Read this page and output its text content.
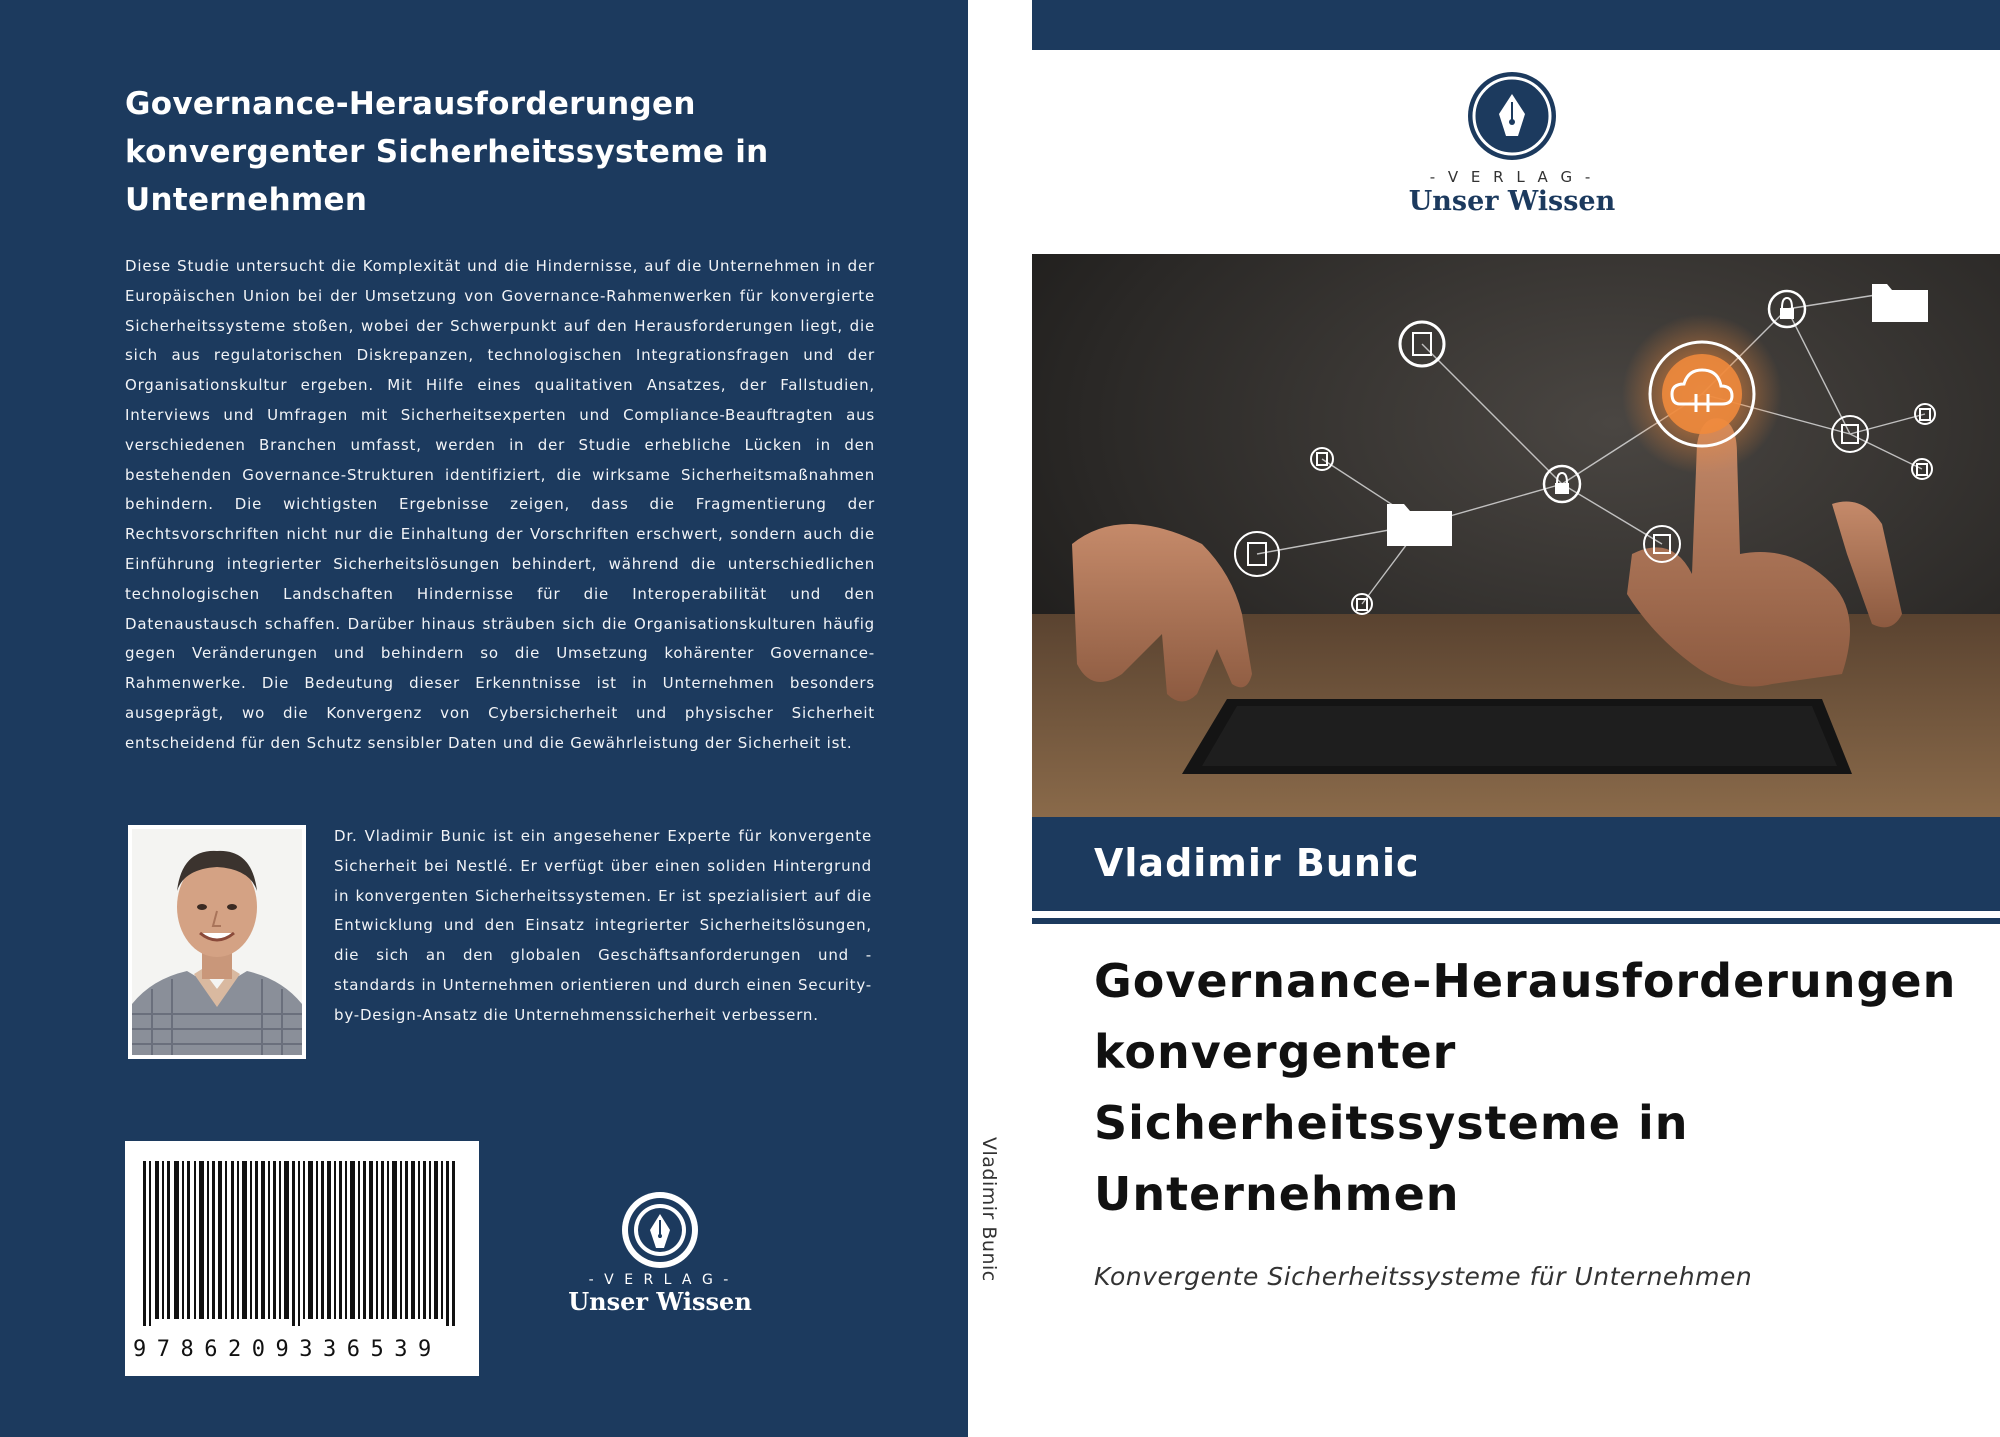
Governance-Herausforderungen konvergenter Sicherheitssysteme in Unternehmen
Diese Studie untersucht die Komplexität und die Hindernisse, auf die Unternehmen in der Europäischen Union bei der Umsetzung von Governance-Rahmenwerken für konvergierte Sicherheitssysteme stoßen, wobei der Schwerpunkt auf den Herausforderungen liegt, die sich aus regulatorischen Diskrepanzen, technologischen Integrationsfragen und der Organisationskultur ergeben. Mit Hilfe eines qualitativen Ansatzes, der Fallstudien, Interviews und Umfragen mit Sicherheitsexperten und Compliance-Beauftragten aus verschiedenen Branchen umfasst, werden in der Studie erhebliche Lücken in den bestehenden Governance-Strukturen identifiziert, die wirksame Sicherheitsmaßnahmen behindern. Die wichtigsten Ergebnisse zeigen, dass die Fragmentierung der Rechtsvorschriften nicht nur die Einhaltung der Vorschriften erschwert, sondern auch die Einführung integrierter Sicherheitslösungen behindert, während die unterschiedlichen technologischen Landschaften Hindernisse für die Interoperabilität und den Datenaustausch schaffen. Darüber hinaus sträuben sich die Organisationskulturen häufig gegen Veränderungen und behindern so die Umsetzung kohärenter Governance-Rahmenwerke. Die Bedeutung dieser Erkenntnisse ist in Unternehmen besonders ausgeprägt, wo die Konvergenz von Cybersicherheit und physischer Sicherheit entscheidend für den Schutz sensibler Daten und die Gewährleistung der Sicherheit ist.
Dr. Vladimir Bunic ist ein angesehener Experte für konvergente Sicherheit bei Nestlé. Er verfügt über einen soliden Hintergrund in konvergenten Sicherheitssystemen. Er ist spezialisiert auf die Entwicklung und den Einsatz integrierter Sicherheitslösungen, die sich an den globalen Geschäftsanforderungen und -standards in Unternehmen orientieren und durch einen Security-by-Design-Ansatz die Unternehmenssicherheit verbessern.
9786209336539
- V E R L A G -
Unser Wissen
Vladimir Bunic
- V E R L A G -
Unser Wissen
Vladimir Bunic
Governance-Herausforderungen
konvergenter
Sicherheitssysteme in
Unternehmen
Konvergente Sicherheitssysteme für Unternehmen
